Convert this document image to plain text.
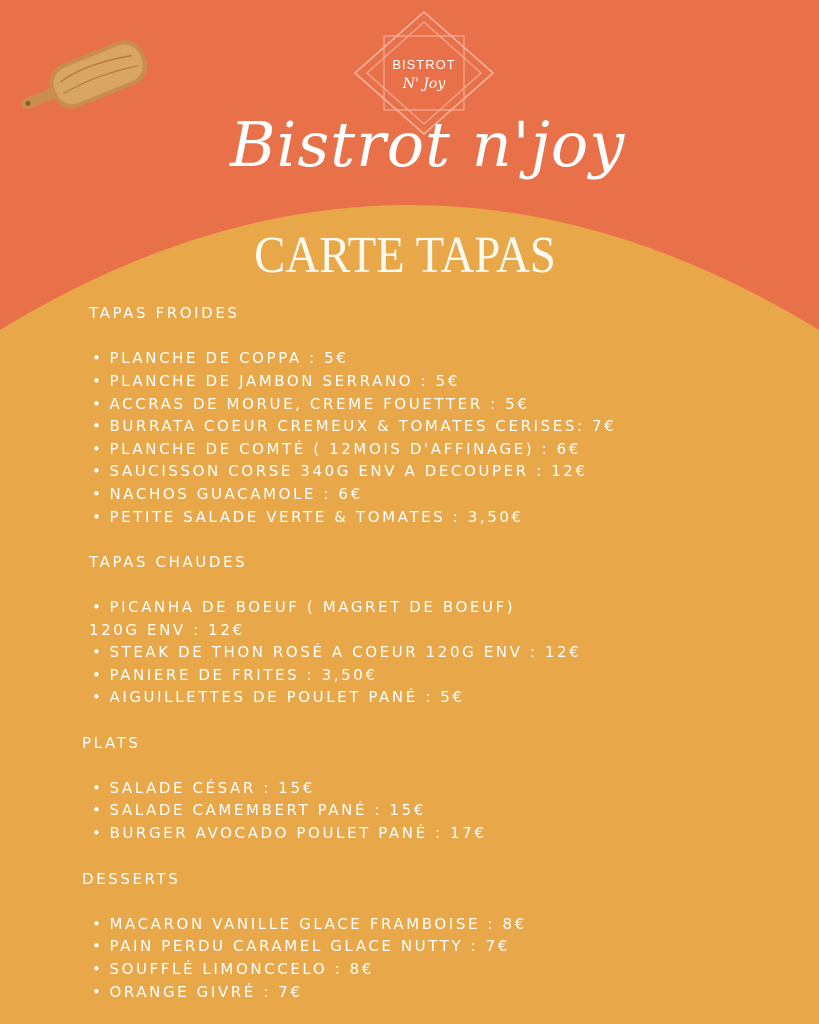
BISTROT
N' Joy
Bistrot n'joy
CARTE TAPAS
TAPAS FROIDES
• PLANCHE DE COPPA : 5€
• PLANCHE DE JAMBON SERRANO : 5€
• ACCRAS DE MORUE, CREME FOUETTER : 5€
• BURRATA COEUR CREMEUX & TOMATES CERISES: 7€
• PLANCHE DE COMTÉ ( 12MOIS D'AFFINAGE) : 6€
• SAUCISSON CORSE 340G ENV A DECOUPER : 12€
• NACHOS GUACAMOLE : 6€
• PETITE SALADE VERTE & TOMATES : 3,50€
TAPAS CHAUDES
• PICANHA DE BOEUF ( MAGRET DE BOEUF)
120G ENV : 12€
• STEAK DE THON ROSÉ A COEUR 120G ENV : 12€
• PANIERE DE FRITES : 3,50€
• AIGUILLETTES DE POULET PANÉ : 5€
PLATS
• SALADE CÉSAR : 15€
• SALADE CAMEMBERT PANÉ : 15€
• BURGER AVOCADO POULET PANÉ : 17€
DESSERTS
• MACARON VANILLE GLACE FRAMBOISE : 8€
• PAIN PERDU CARAMEL GLACE NUTTY : 7€
• SOUFFLÉ LIMONCCELO : 8€
• ORANGE GIVRÉ : 7€
